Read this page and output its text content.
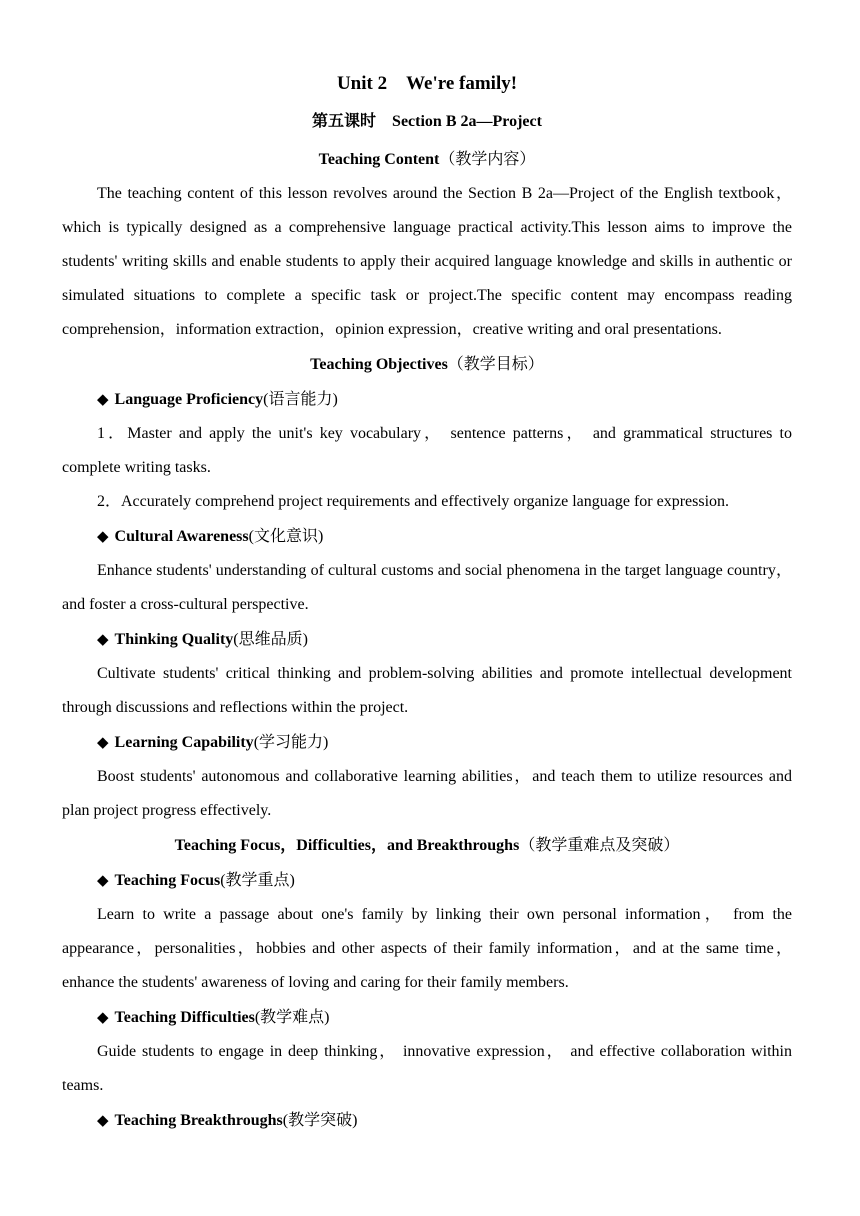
Unit 2　We're family!
第五课时　Section B 2a—Project
Teaching Content（教学内容）

The teaching content of this lesson revolves around the Section B 2a—Project of the English textbook，which is typically designed as a comprehensive language practical activity.This lesson aims to improve the students' writing skills and enable students to apply their acquired language knowledge and skills in authentic or simulated situations to complete a specific task or project.The specific content may encompass reading comprehension，information extraction，opinion expression，creative writing and oral presentations.

Teaching Objectives（教学目标）
◆ Language Proficiency(语言能力)

1．Master and apply the unit's key vocabulary， sentence patterns， and grammatical structures to complete writing tasks.

2．Accurately comprehend project requirements and effectively organize language for expression.

◆ Cultural Awareness(文化意识)

Enhance students' understanding of cultural customs and social phenomena in the target language country，and foster a cross‑cultural perspective.

◆ Thinking Quality(思维品质)

Cultivate students' critical thinking and problem‑solving abilities and promote intellectual development through discussions and reflections within the project.

◆ Learning Capability(学习能力)

Boost students' autonomous and collaborative learning abilities，and teach them to utilize resources and plan project progress effectively.

Teaching Focus，Difficulties，and Breakthroughs（教学重难点及突破）
◆ Teaching Focus(教学重点)

Learn to write a passage about one's family by linking their own personal information， from the appearance，personalities，hobbies and other aspects of their family information，and at the same time，enhance the students' awareness of loving and caring for their family members.

◆ Teaching Difficulties(教学难点)

Guide students to engage in deep thinking， innovative expression， and effective collaboration within teams.

◆ Teaching Breakthroughs(教学突破)
